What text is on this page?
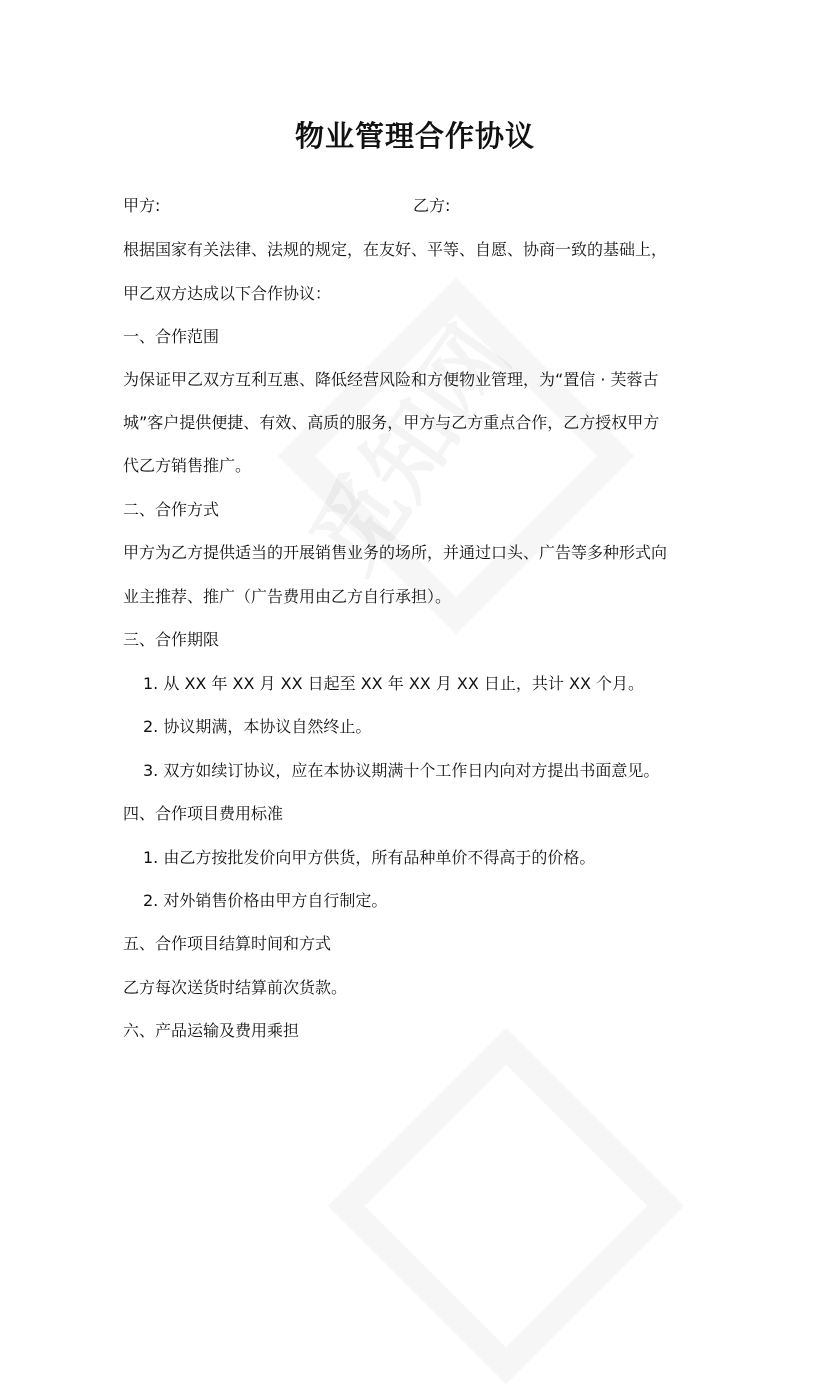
物业管理合作协议
甲方:	乙方:
根据国家有关法律、法规的规定，在友好、平等、自愿、协商一致的基础上，
甲乙双方达成以下合作协议：
一、合作范围
为保证甲乙双方互利互惠、降低经营风险和方便物业管理，为“置信 · 芙蓉古
城”客户提供便捷、有效、高质的服务，甲方与乙方重点合作，乙方授权甲方
代乙方销售推广。
二、合作方式
甲方为乙方提供适当的开展销售业务的场所，并通过口头、广告等多种形式向
业主推荐、推广（广告费用由乙方自行承担）。
三、合作期限
1. 从 XX 年 XX 月 XX 日起至 XX 年 XX 月 XX 日止，共计 XX 个月。
2. 协议期满，本协议自然终止。
3. 双方如续订协议，应在本协议期满十个工作日内向对方提出书面意见。
四、合作项目费用标准
1. 由乙方按批发价向甲方供货，所有品种单价不得高于的价格。
2. 对外销售价格由甲方自行制定。
五、合作项目结算时间和方式
乙方每次送货时结算前次货款。
六、产品运输及费用乘担
